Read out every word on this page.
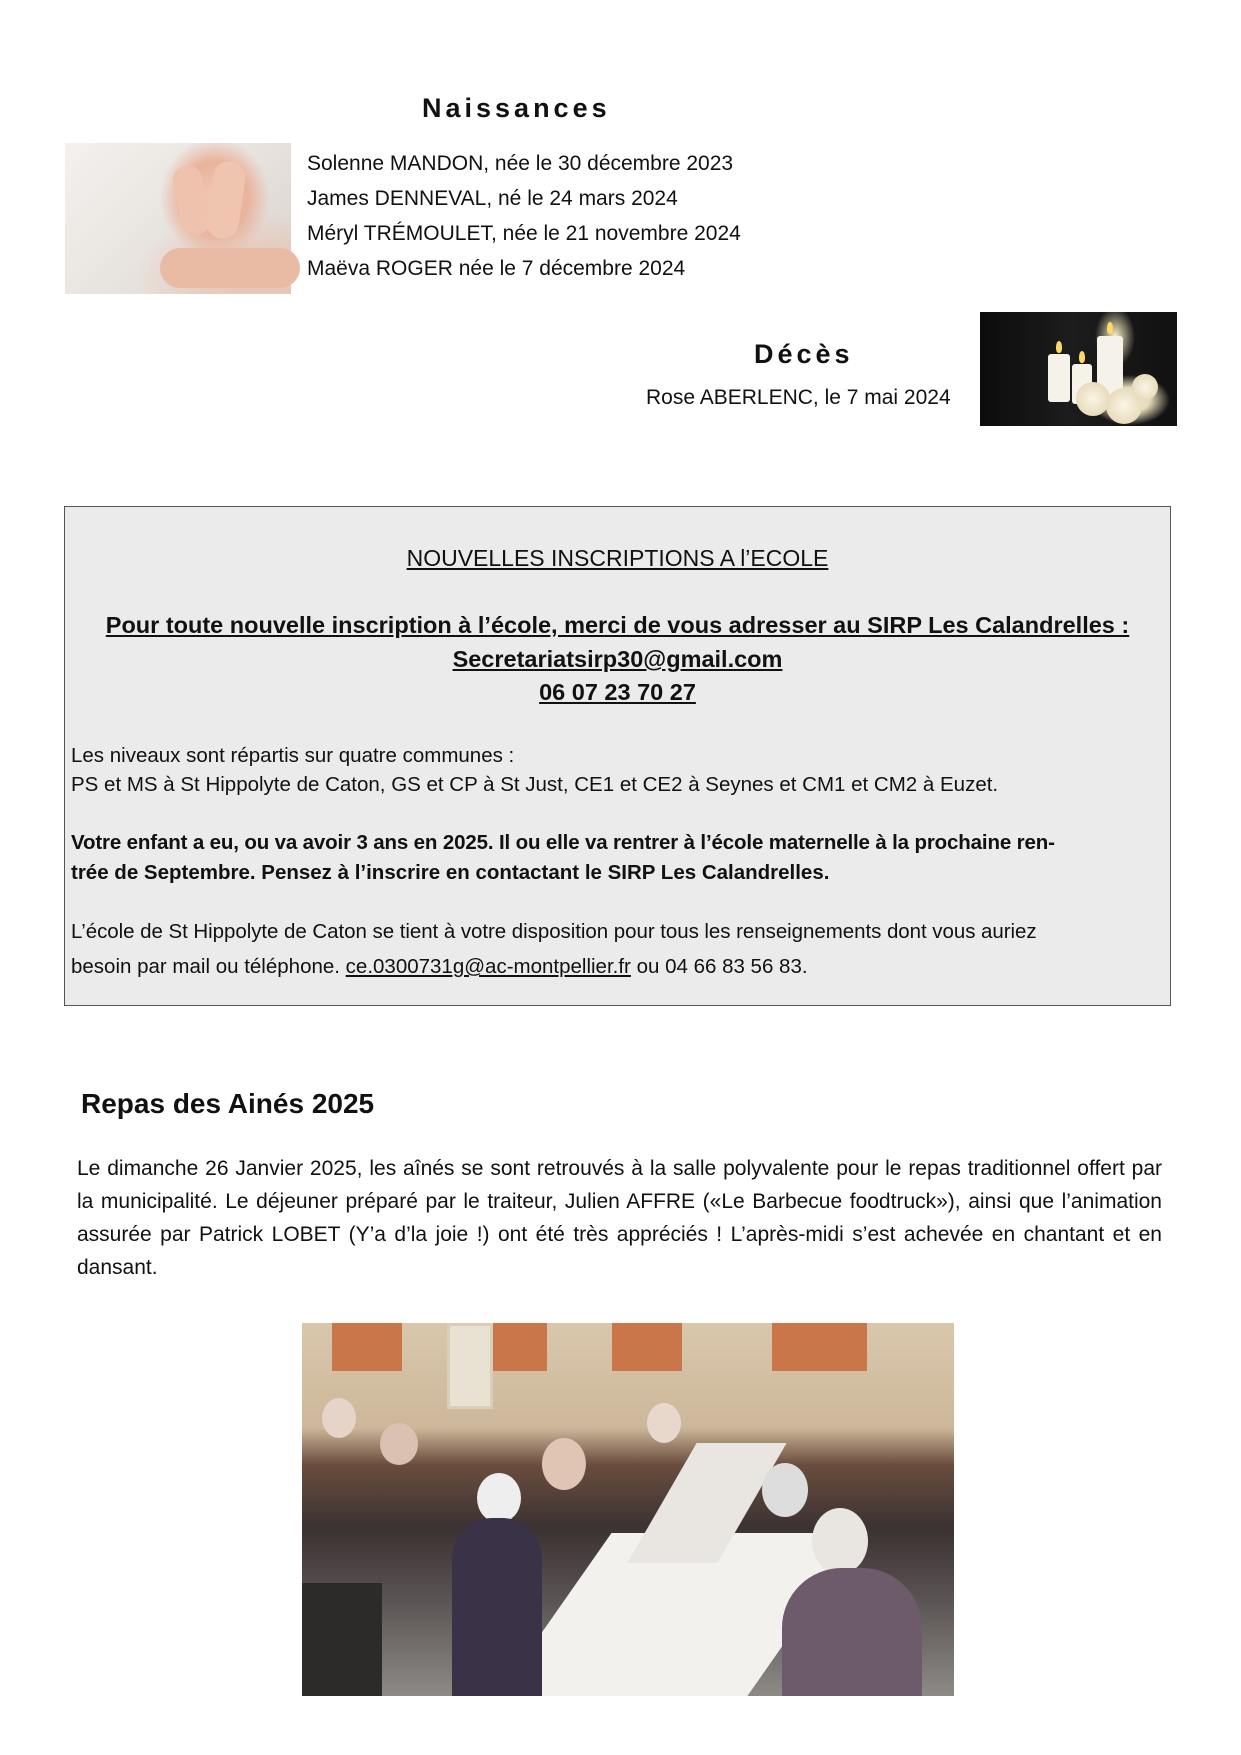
Naissances
Solenne MANDON, née le 30 décembre 2023
James DENNEVAL, né le 24 mars 2024
Méryl TRÉMOULET, née le 21 novembre 2024
Maëva ROGER née le 7 décembre 2024
Décès
Rose ABERLENC, le 7 mai 2024
NOUVELLES INSCRIPTIONS A l’ECOLE
Pour toute nouvelle inscription à l’école, merci de vous adresser au SIRP Les Calandrelles :
Secretariatsirp30@gmail.com
06 07 23 70 27
Les niveaux sont répartis sur quatre communes :
PS et MS à St Hippolyte de Caton, GS et CP à St Just, CE1 et CE2 à Seynes et CM1 et CM2 à Euzet.
Votre enfant a eu, ou va avoir 3 ans en 2025. Il ou elle va rentrer à l’école maternelle à la prochaine ren-
trée de Septembre. Pensez à l’inscrire en contactant le SIRP Les Calandrelles.
L’école de St Hippolyte de Caton se tient à votre disposition pour tous les renseignements dont vous auriez
besoin par mail ou téléphone. ce.0300731g@ac-montpellier.fr ou 04 66 83 56 83.
Repas des Ainés 2025
Le dimanche 26 Janvier 2025, les aînés se sont retrouvés à la salle polyvalente pour le repas traditionnel offert par la municipalité. Le déjeuner préparé par le traiteur, Julien AFFRE («Le Barbecue foodtruck»), ainsi que l’animation assurée par Patrick LOBET (Y’a d’la joie !) ont été très appréciés ! L’après-midi s’est achevée en chantant et en dansant.
